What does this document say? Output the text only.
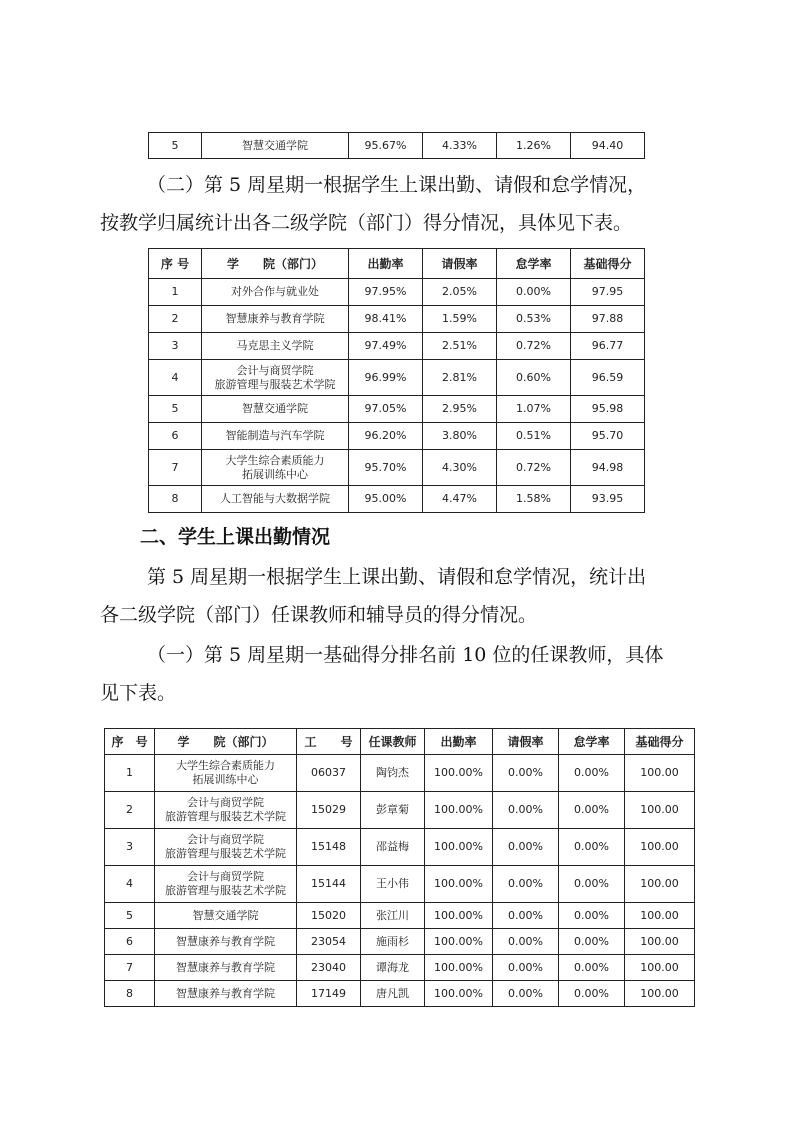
5	智慧交通学院	95.67%	4.33%	1.26%	94.40

（二）第 5 周星期一根据学生上课出勤、请假和怠学情况，

按教学归属统计出各二级学院（部门）得分情况，具体见下表。

序 号	学　　院（部门）	出勤率	请假率	怠学率	基础得分
1	对外合作与就业处	97.95%	2.05%	0.00%	97.95
2	智慧康养与教育学院	98.41%	1.59%	0.53%	97.88
3	马克思主义学院	97.49%	2.51%	0.72%	96.77
4	会计与商贸学院
旅游管理与服装艺术学院	96.99%	2.81%	0.60%	96.59
5	智慧交通学院	97.05%	2.95%	1.07%	95.98
6	智能制造与汽车学院	96.20%	3.80%	0.51%	95.70
7	大学生综合素质能力
拓展训练中心	95.70%	4.30%	0.72%	94.98
8	人工智能与大数据学院	95.00%	4.47%	1.58%	93.95
二、学生上课出勤情况

第 5 周星期一根据学生上课出勤、请假和怠学情况，统计出

各二级学院（部门）任课教师和辅导员的得分情况。

（一）第 5 周星期一基础得分排名前 10 位的任课教师，具体

见下表。

序　号	学　　院（部门）	工　　号	任课教师	出勤率	请假率	怠学率	基础得分
1	大学生综合素质能力
拓展训练中心	06037	陶钧杰	100.00%	0.00%	0.00%	100.00
2	会计与商贸学院
旅游管理与服装艺术学院	15029	彭章菊	100.00%	0.00%	0.00%	100.00
3	会计与商贸学院
旅游管理与服装艺术学院	15148	邵益梅	100.00%	0.00%	0.00%	100.00
4	会计与商贸学院
旅游管理与服装艺术学院	15144	王小伟	100.00%	0.00%	0.00%	100.00
5	智慧交通学院	15020	张江川	100.00%	0.00%	0.00%	100.00
6	智慧康养与教育学院	23054	施雨杉	100.00%	0.00%	0.00%	100.00
7	智慧康养与教育学院	23040	谭海龙	100.00%	0.00%	0.00%	100.00
8	智慧康养与教育学院	17149	唐凡凯	100.00%	0.00%	0.00%	100.00
